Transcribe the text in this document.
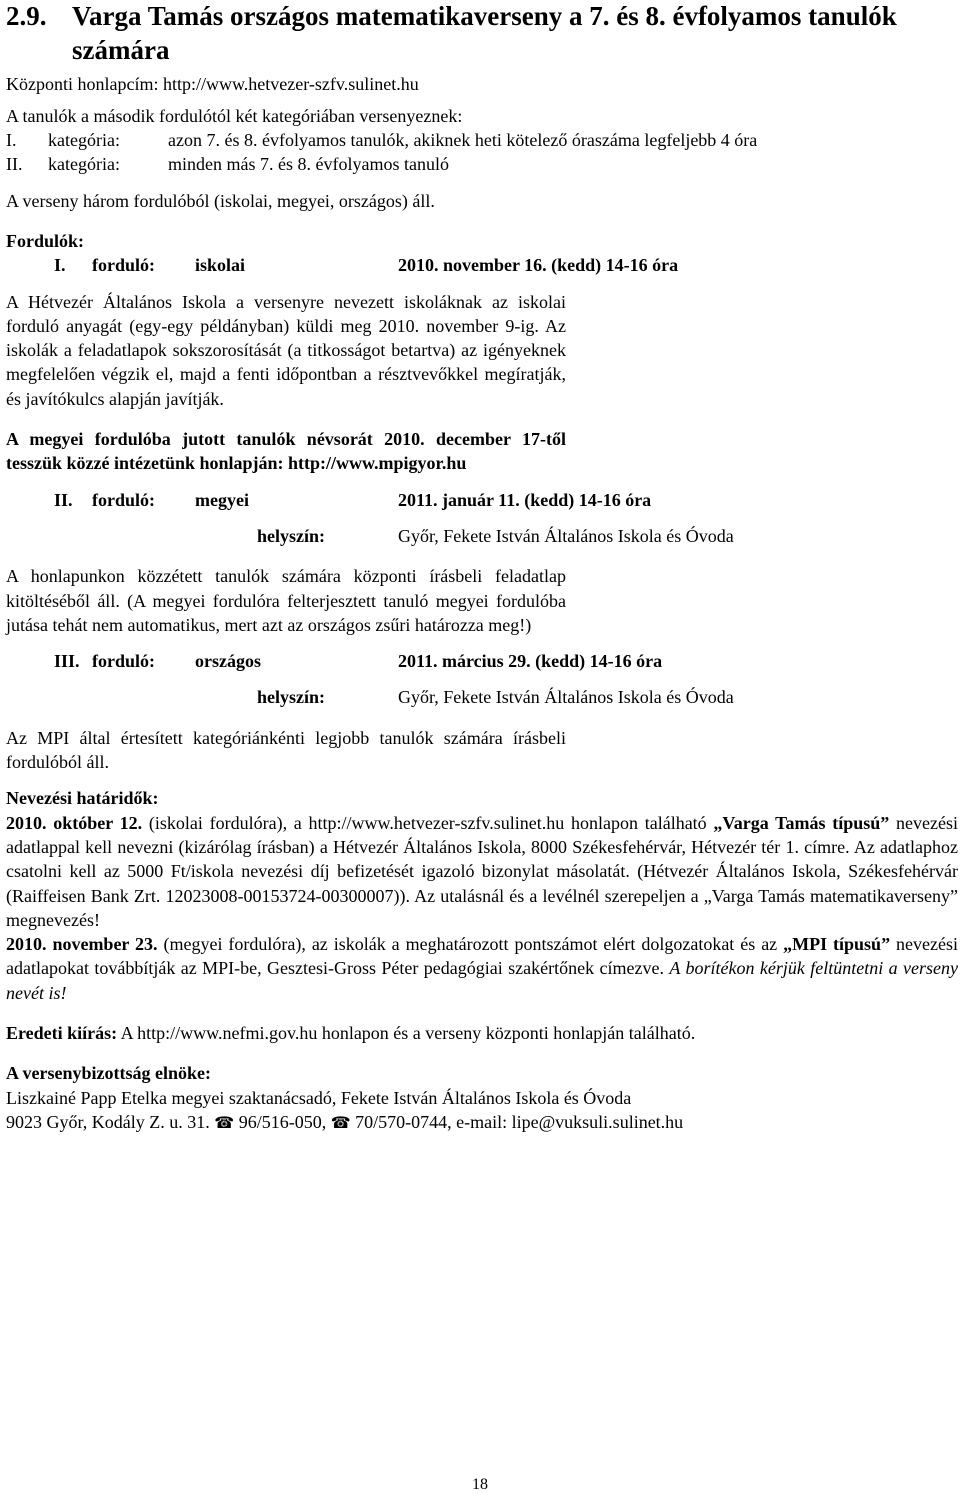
2.9. Varga Tamás országos matematikaverseny a 7. és 8. évfolyamos tanulók számára

Központi honlapcím: http://www.hetvezer-szfv.sulinet.hu

A tanulók a második fordulótól két kategóriában versenyeznek:

I.	kategória:	azon 7. és 8. évfolyamos tanulók, akiknek heti kötelező óraszáma legfeljebb 4 óra
II.	kategória:	minden más 7. és 8. évfolyamos tanuló

A verseny három fordulóból (iskolai, megyei, országos) áll.

Fordulók:

I.	forduló:	iskolai	2010. november 16. (kedd) 14-16 óra

A Hétvezér Általános Iskola a versenyre nevezett iskoláknak az iskolai forduló anyagát (egy-egy példányban) küldi meg 2010. november 9-ig. Az iskolák a feladatlapok sokszorosítását (a titkosságot betartva) az igényeknek megfelelően végzik el, majd a fenti időpontban a résztvevőkkel megíratják, és javítókulcs alapján javítják.

A megyei fordulóba jutott tanulók névsorát 2010. december 17-től tesszük közzé intézetünk honlapján: http://www.mpigyor.hu

II.	forduló:	megyei	2011. január 11. (kedd) 14-16 óra
helyszín:	Győr, Fekete István Általános Iskola és Óvoda

A honlapunkon közzétett tanulók számára központi írásbeli feladatlap kitöltéséből áll. (A megyei fordulóra felterjesztett tanuló megyei fordulóba jutása tehát nem automatikus, mert azt az országos zsűri határozza meg!)

III. forduló:	országos	2011. március 29. (kedd) 14-16 óra
helyszín:	Győr, Fekete István Általános Iskola és Óvoda

Az MPI által értesített kategóriánkénti legjobb tanulók számára írásbeli fordulóból áll.

Nevezési határidők:

2010. október 12. (iskolai fordulóra), a http://www.hetvezer-szfv.sulinet.hu honlapon található „Varga Tamás típusú” nevezési adatlappal kell nevezni (kizárólag írásban) a Hétvezér Általános Iskola, 8000 Székesfehérvár, Hétvezér tér 1. címre. Az adatlaphoz csatolni kell az 5000 Ft/iskola nevezési díj befizetését igazoló bizonylat másolatát. (Hétvezér Általános Iskola, Székesfehérvár (Raiffeisen Bank Zrt. 12023008-00153724-00300007)). Az utalásnál és a levélnél szerepeljen a „Varga Tamás matematikaverseny” megnevezés!

2010. november 23. (megyei fordulóra), az iskolák a meghatározott pontszámot elért dolgozatokat és az „MPI típusú” nevezési adatlapokat továbbítják az MPI-be, Gesztesi-Gross Péter pedagógiai szakértőnek címezve. A borítékon kérjük feltüntetni a verseny nevét is!

Eredeti kiírás: A http://www.nefmi.gov.hu honlapon és a verseny központi honlapján található.

A versenybizottság elnöke:

Liszkainé Papp Etelka megyei szaktanácsadó, Fekete István Általános Iskola és Óvoda

9023 Győr, Kodály Z. u. 31. ☎ 96/516-050, ☎ 70/570-0744, e-mail: lipe@vuksuli.sulinet.hu

18
